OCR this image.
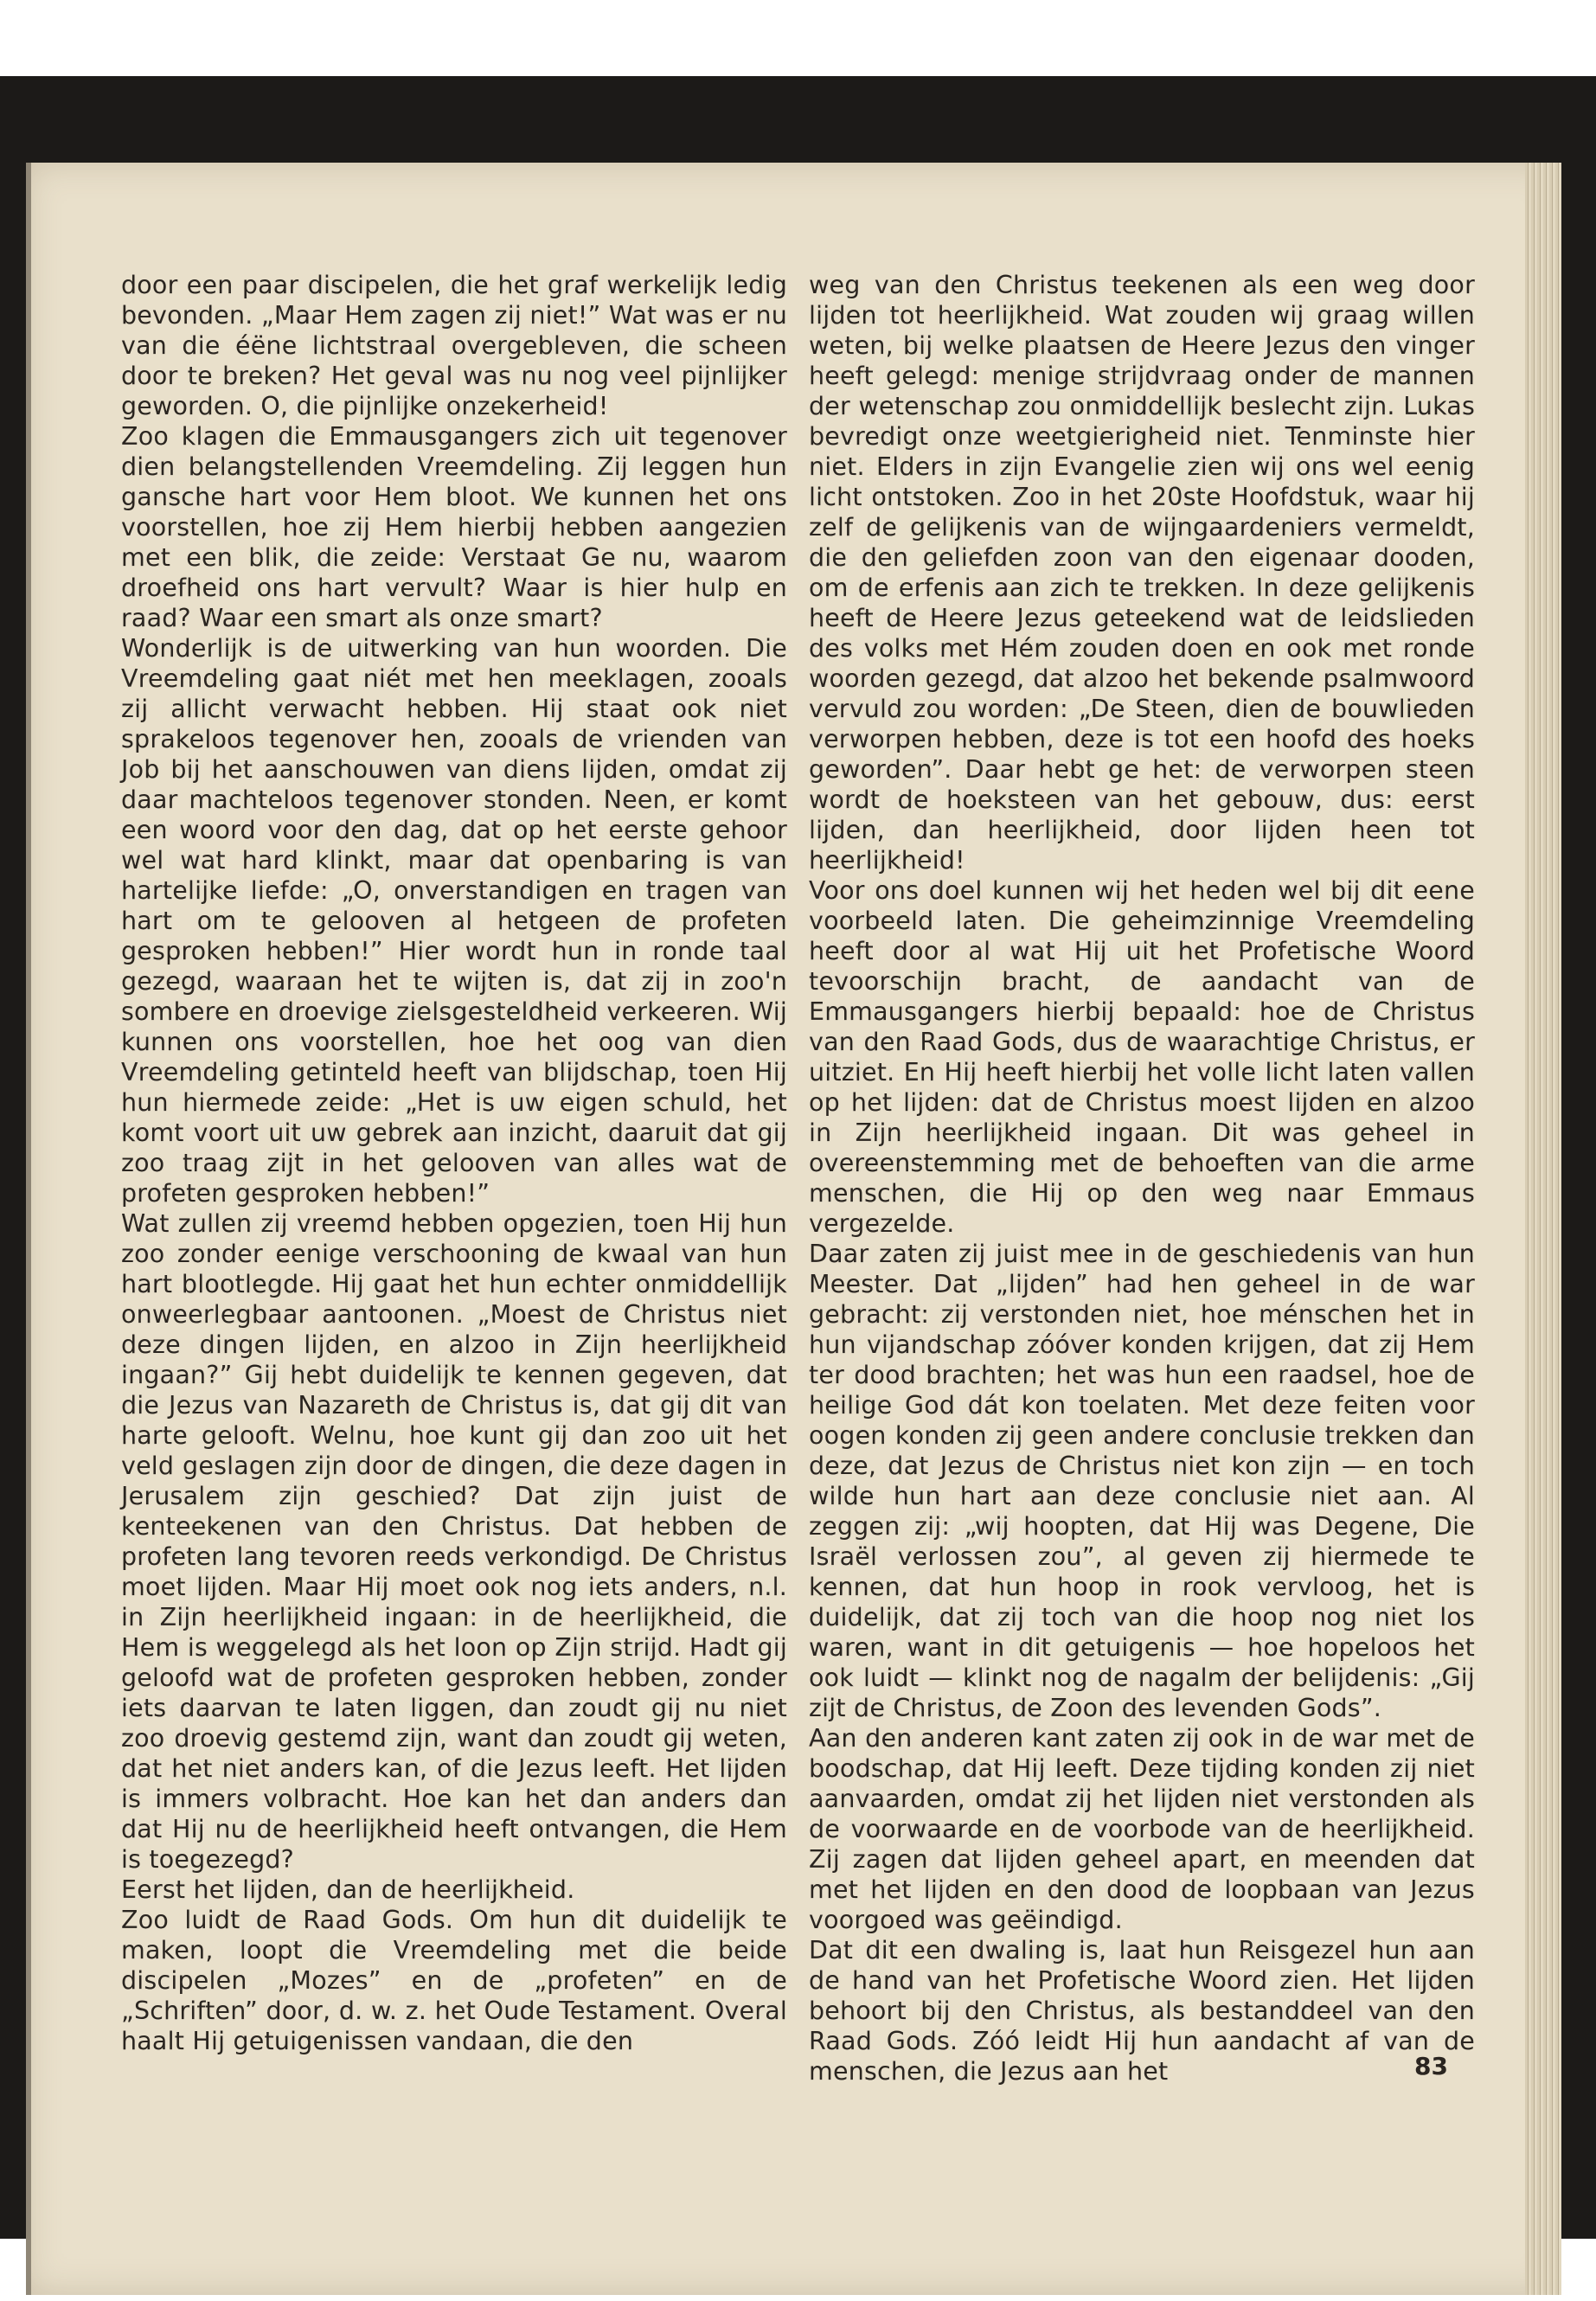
door een paar discipelen, die het graf werkelijk ledig bevonden. „Maar Hem zagen zij niet!” Wat was er nu van die éëne lichtstraal overgebleven, die scheen door te breken? Het geval was nu nog veel pijnlijker geworden. O, die pijnlijke onzekerheid!

Zoo klagen die Emmausgangers zich uit tegenover dien belangstellenden Vreemdeling. Zij leggen hun gansche hart voor Hem bloot. We kunnen het ons voorstellen, hoe zij Hem hierbij hebben aangezien met een blik, die zeide: Verstaat Ge nu, waarom droefheid ons hart vervult? Waar is hier hulp en raad? Waar een smart als onze smart?

Wonderlijk is de uitwerking van hun woorden. Die Vreemdeling gaat niét met hen meeklagen, zooals zij allicht verwacht hebben. Hij staat ook niet sprakeloos tegenover hen, zooals de vrienden van Job bij het aanschouwen van diens lijden, omdat zij daar machteloos tegenover stonden. Neen, er komt een woord voor den dag, dat op het eerste gehoor wel wat hard klinkt, maar dat openbaring is van hartelijke liefde: „O, onverstandigen en tragen van hart om te gelooven al hetgeen de profeten gesproken hebben!” Hier wordt hun in ronde taal gezegd, waaraan het te wijten is, dat zij in zoo'n sombere en droevige zielsgesteldheid verkeeren. Wij kunnen ons voorstellen, hoe het oog van dien Vreemdeling getinteld heeft van blijdschap, toen Hij hun hiermede zeide: „Het is uw eigen schuld, het komt voort uit uw gebrek aan inzicht, daaruit dat gij zoo traag zijt in het gelooven van alles wat de profeten gesproken hebben!”

Wat zullen zij vreemd hebben opgezien, toen Hij hun zoo zonder eenige verschooning de kwaal van hun hart blootlegde. Hij gaat het hun echter onmiddellijk onweerlegbaar aantoonen. „Moest de Christus niet deze dingen lijden, en alzoo in Zijn heerlijkheid ingaan?” Gij hebt duidelijk te kennen gegeven, dat die Jezus van Nazareth de Christus is, dat gij dit van harte gelooft. Welnu, hoe kunt gij dan zoo uit het veld geslagen zijn door de dingen, die deze dagen in Jerusalem zijn geschied? Dat zijn juist de kenteekenen van den Christus. Dat hebben de profeten lang tevoren reeds verkondigd. De Christus moet lijden. Maar Hij moet ook nog iets anders, n.l. in Zijn heerlijkheid ingaan: in de heerlijkheid, die Hem is weggelegd als het loon op Zijn strijd. Hadt gij geloofd wat de profeten gesproken hebben, zonder iets daarvan te laten liggen, dan zoudt gij nu niet zoo droevig gestemd zijn, want dan zoudt gij weten, dat het niet anders kan, of die Jezus leeft. Het lijden is immers volbracht. Hoe kan het dan anders dan dat Hij nu de heerlijkheid heeft ontvangen, die Hem is toegezegd?

Eerst het lijden, dan de heerlijkheid.

Zoo luidt de Raad Gods. Om hun dit duidelijk te maken, loopt die Vreemdeling met die beide discipelen „Mozes” en de „profeten” en de „Schriften” door, d. w. z. het Oude Testament. Overal haalt Hij getuigenissen vandaan, die den

weg van den Christus teekenen als een weg door lijden tot heerlijkheid. Wat zouden wij graag willen weten, bij welke plaatsen de Heere Jezus den vinger heeft gelegd: menige strijdvraag onder de mannen der wetenschap zou onmiddellijk beslecht zijn. Lukas bevredigt onze weetgierigheid niet. Tenminste hier niet. Elders in zijn Evangelie zien wij ons wel eenig licht ontstoken. Zoo in het 20ste Hoofdstuk, waar hij zelf de gelijkenis van de wijngaardeniers vermeldt, die den geliefden zoon van den eigenaar dooden, om de erfenis aan zich te trekken. In deze gelijkenis heeft de Heere Jezus geteekend wat de leidslieden des volks met Hém zouden doen en ook met ronde woorden gezegd, dat alzoo het bekende psalmwoord vervuld zou worden: „De Steen, dien de bouwlieden verworpen hebben, deze is tot een hoofd des hoeks geworden”. Daar hebt ge het: de verworpen steen wordt de hoeksteen van het gebouw, dus: eerst lijden, dan heerlijkheid, door lijden heen tot heerlijkheid!

Voor ons doel kunnen wij het heden wel bij dit eene voorbeeld laten. Die geheimzinnige Vreemdeling heeft door al wat Hij uit het Profetische Woord tevoorschijn bracht, de aandacht van de Emmausgangers hierbij bepaald: hoe de Christus van den Raad Gods, dus de waarachtige Christus, er uitziet. En Hij heeft hierbij het volle licht laten vallen op het lijden: dat de Christus moest lijden en alzoo in Zijn heerlijkheid ingaan. Dit was geheel in overeenstemming met de behoeften van die arme menschen, die Hij op den weg naar Emmaus vergezelde.

Daar zaten zij juist mee in de geschiedenis van hun Meester. Dat „lijden” had hen geheel in de war gebracht: zij verstonden niet, hoe ménschen het in hun vijandschap zóóver konden krijgen, dat zij Hem ter dood brachten; het was hun een raadsel, hoe de heilige God dát kon toelaten. Met deze feiten voor oogen konden zij geen andere conclusie trekken dan deze, dat Jezus de Christus niet kon zijn — en toch wilde hun hart aan deze conclusie niet aan. Al zeggen zij: „wij hoopten, dat Hij was Degene, Die Israël verlossen zou”, al geven zij hiermede te kennen, dat hun hoop in rook vervloog, het is duidelijk, dat zij toch van die hoop nog niet los waren, want in dit getuigenis — hoe hopeloos het ook luidt — klinkt nog de nagalm der belijdenis: „Gij zijt de Christus, de Zoon des levenden Gods”.

Aan den anderen kant zaten zij ook in de war met de boodschap, dat Hij leeft. Deze tijding konden zij niet aanvaarden, omdat zij het lijden niet verstonden als de voorwaarde en de voorbode van de heerlijkheid. Zij zagen dat lijden geheel apart, en meenden dat met het lijden en den dood de loopbaan van Jezus voorgoed was geëindigd.

Dat dit een dwaling is, laat hun Reisgezel hun aan de hand van het Profetische Woord zien. Het lijden behoort bij den Christus, als bestanddeel van den Raad Gods. Zóó leidt Hij hun aandacht af van de menschen, die Jezus aan het	83
